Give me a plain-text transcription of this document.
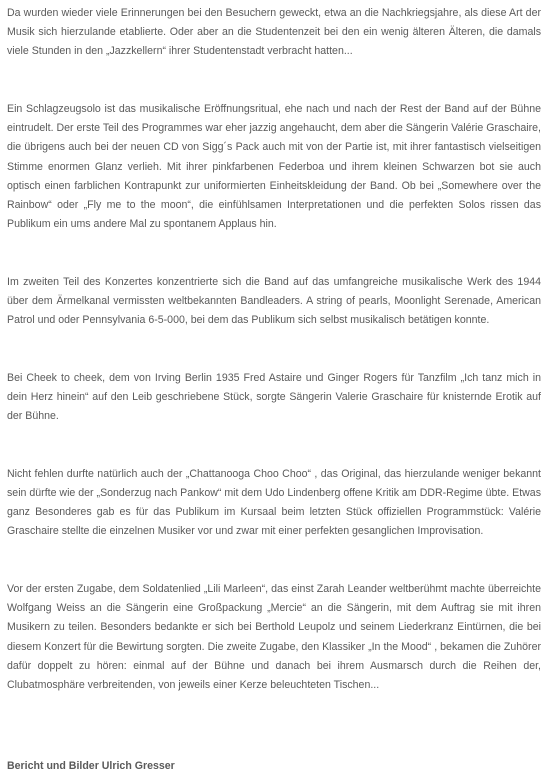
Da wurden wieder viele Erinnerungen bei den Besuchern geweckt, etwa an die Nachkriegsjahre, als diese Art der Musik sich hierzulande etablierte. Oder aber an die Studentenzeit bei den ein wenig älteren Älteren, die damals viele Stunden in den „Jazzkellern“ ihrer Studentenstadt verbracht hatten...

Ein Schlagzeugsolo ist das musikalische Eröffnungsritual, ehe nach und nach der Rest der Band auf der Bühne eintrudelt. Der erste Teil des Programmes war eher jazzig angehaucht, dem aber die Sängerin Valérie Graschaire, die übrigens auch bei der neuen CD von Sigg´s Pack auch mit von der Partie ist, mit ihrer fantastisch vielseitigen Stimme enormen Glanz verlieh. Mit ihrer pinkfarbenen Federboa und ihrem kleinen Schwarzen bot sie auch optisch einen farblichen Kontrapunkt zur uniformierten Einheitskleidung der Band. Ob bei „Somewhere over the Rainbow“ oder „Fly me to the moon“, die einfühlsamen Interpretationen und die perfekten Solos rissen das Publikum ein ums andere Mal zu spontanem Applaus hin.

Im zweiten Teil des Konzertes konzentrierte sich die Band auf das umfangreiche musikalische Werk des 1944 über dem Ärmelkanal vermissten weltbekannten Bandleaders. A string of pearls, Moonlight Serenade, American Patrol und oder Pennsylvania 6-5-000, bei dem das Publikum sich selbst musikalisch betätigen konnte.

Bei Cheek to cheek, dem von Irving Berlin 1935 Fred Astaire und Ginger Rogers für Tanzfilm „Ich tanz mich in dein Herz hinein“ auf den Leib geschriebene Stück, sorgte Sängerin Valerie Graschaire für knisternde Erotik auf der Bühne.

Nicht fehlen durfte natürlich auch der „Chattanooga Choo Choo“ , das Original, das hierzulande weniger bekannt sein dürfte wie der „Sonderzug nach Pankow“ mit dem Udo Lindenberg offene Kritik am DDR-Regime übte. Etwas ganz Besonderes gab es für das Publikum im Kursaal beim letzten Stück offiziellen Programmstück: Valérie Graschaire stellte die einzelnen Musiker vor und zwar mit einer perfekten gesanglichen Improvisation.

Vor der ersten Zugabe, dem Soldatenlied „Lili Marleen“, das einst Zarah Leander weltberühmt machte überreichte Wolfgang Weiss an die Sängerin eine Großpackung „Mercie“ an die Sängerin, mit dem Auftrag sie mit ihren Musikern zu teilen. Besonders bedankte er sich bei Berthold Leupolz und seinem Liederkranz Eintürnen, die bei diesem Konzert für die Bewirtung sorgten. Die zweite Zugabe, den Klassiker „In the Mood“ , bekamen die Zuhörer dafür doppelt zu hören: einmal auf der Bühne und danach bei ihrem Ausmarsch durch die Reihen der, Clubatmosphäre verbreitenden, von jeweils einer Kerze beleuchteten Tischen...

Bericht und Bilder Ulrich Gresser
